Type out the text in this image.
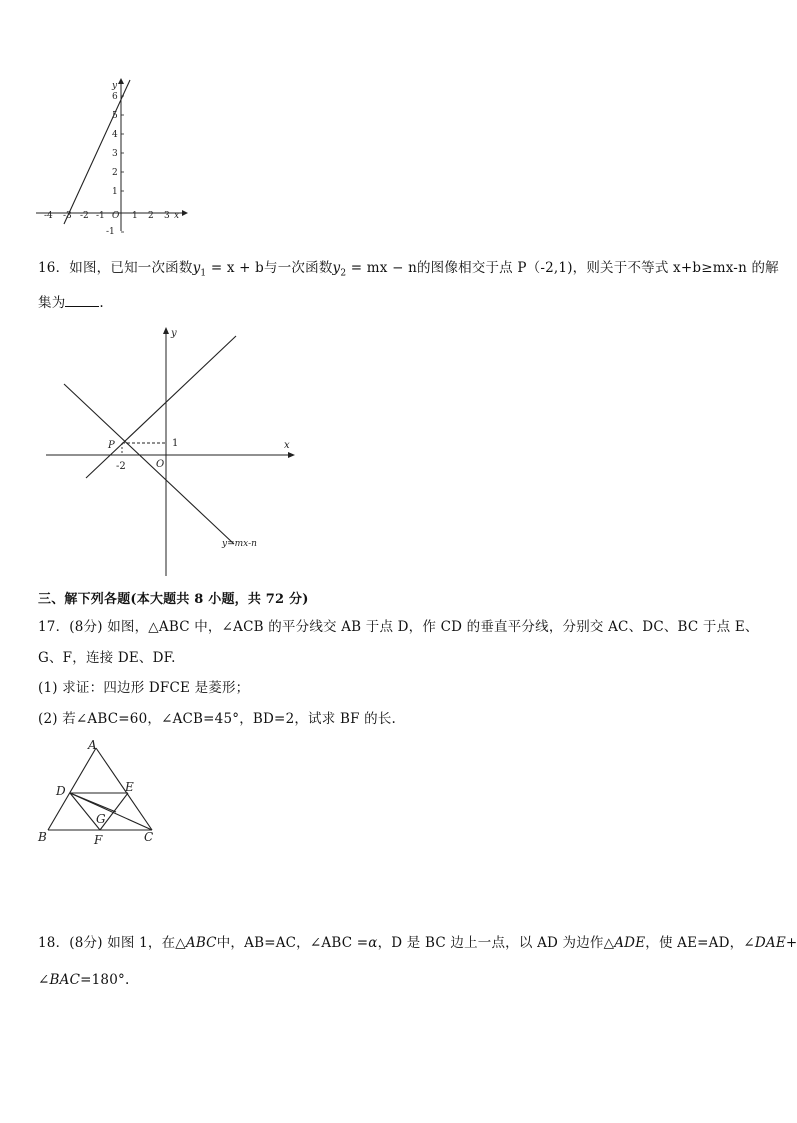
y
x
O
6
5
4
3
2
1
-1
-4 -3 -2 -1	1 2 3
16．如图，已知一次函数$y_1 = x + b$与一次函数$y_2$ = mx − n的图像相交于点 P（-2,1)，则关于不等式 x+b≥mx-n 的解
集为	.
y
x
P	1
-2	O
y=mx-n
三、解下列各题(本大题共 8 小题，共 72 分)
17．(8分) 如图，△ABC 中，∠ACB 的平分线交 AB 于点 D，作 CD 的垂直平分线，分别交 AC、DC、BC 于点 E、
G、F，连接 DE、DF.
(1) 求证：四边形 DFCE 是菱形；
(2) 若∠ABC=60，∠ACB=45°，BD=2，试求 BF 的长.
A
D	E
G
B	F	C
18．(8分) 如图 1，在△ABC中，AB=AC，∠ABC =α，D 是 BC 边上一点，以 AD 为边作△ADE，使 AE=AD，∠DAE+
∠BAC=180°.
